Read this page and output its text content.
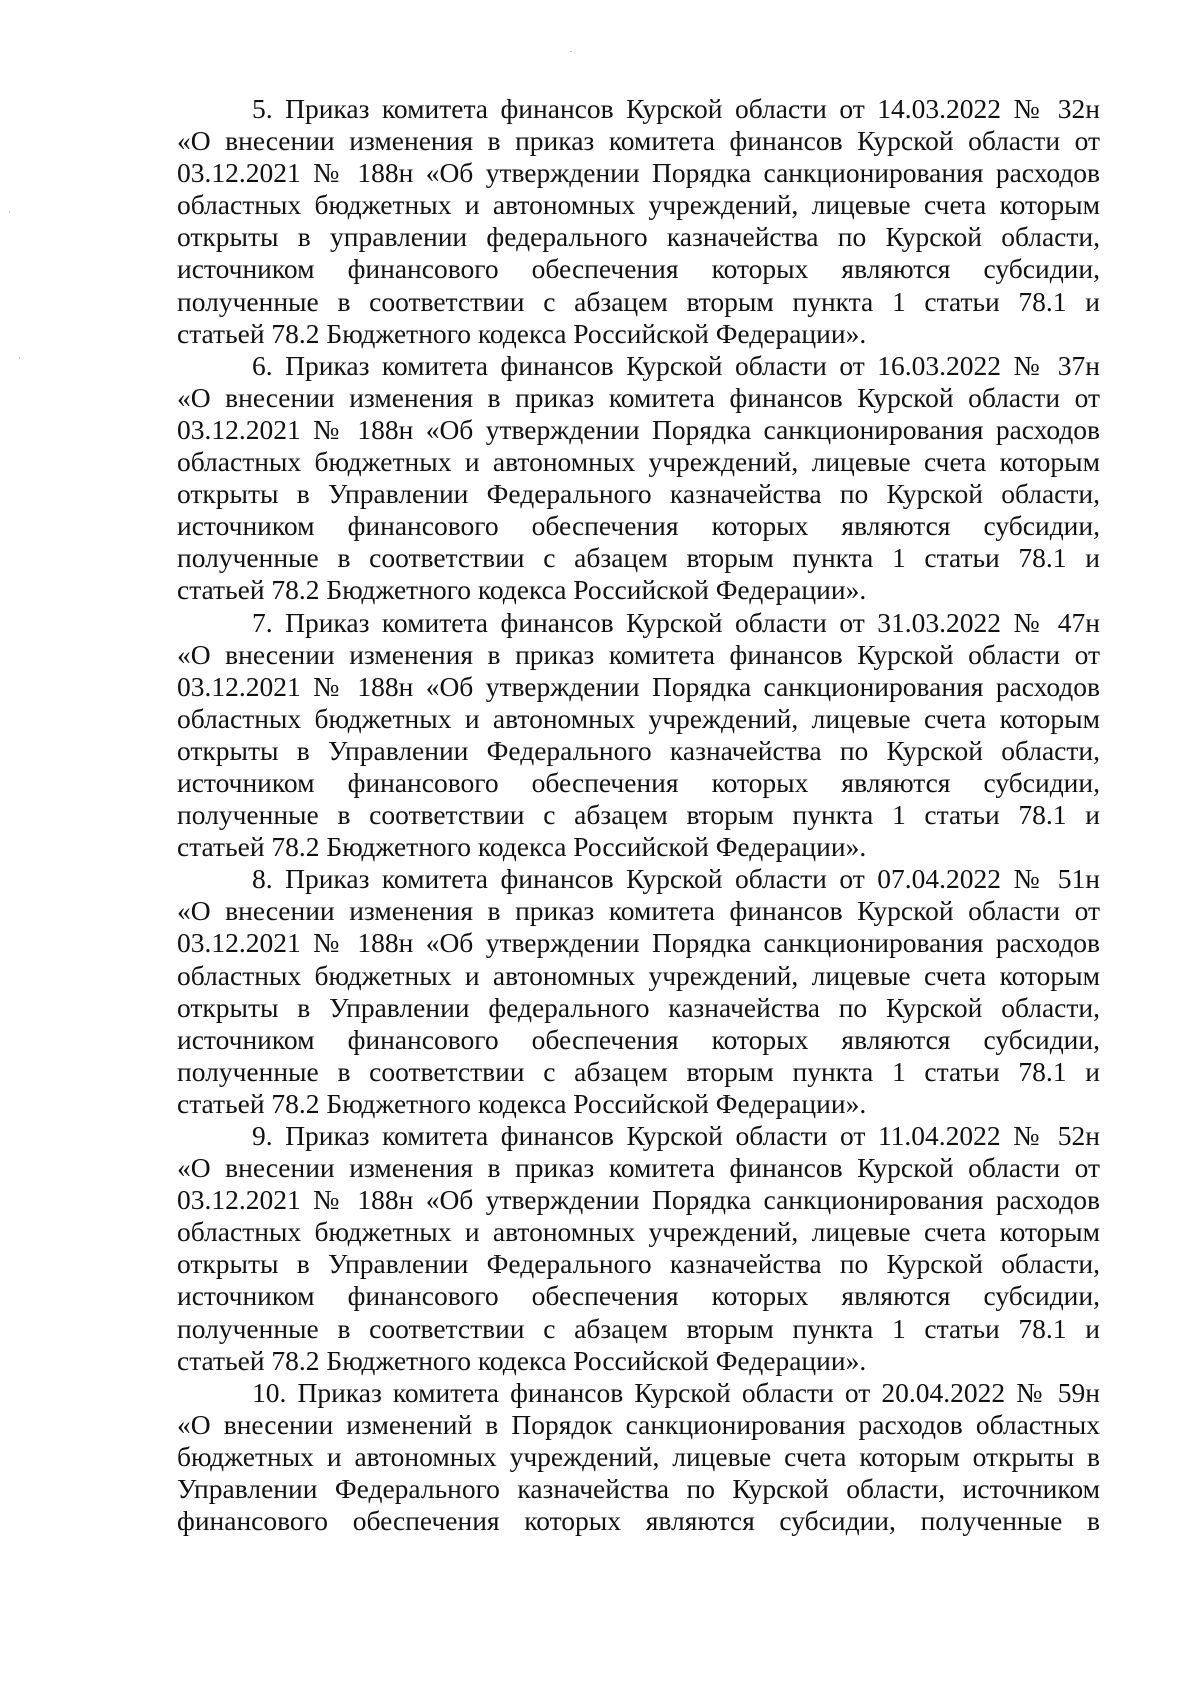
5. Приказ комитета финансов Курской области от 14.03.2022 № 32н
«О внесении изменения в приказ комитета финансов Курской области от
03.12.2021 № 188н «Об утверждении Порядка санкционирования расходов
областных бюджетных и автономных учреждений, лицевые счета которым
открыты в управлении федерального казначейства по Курской области,
источником финансового обеспечения которых являются субсидии,
полученные в соответствии с абзацем вторым пункта 1 статьи 78.1 и
статьей 78.2 Бюджетного кодекса Российской Федерации».
6. Приказ комитета финансов Курской области от 16.03.2022 № 37н
«О внесении изменения в приказ комитета финансов Курской области от
03.12.2021 № 188н «Об утверждении Порядка санкционирования расходов
областных бюджетных и автономных учреждений, лицевые счета которым
открыты в Управлении Федерального казначейства по Курской области,
источником финансового обеспечения которых являются субсидии,
полученные в соответствии с абзацем вторым пункта 1 статьи 78.1 и
статьей 78.2 Бюджетного кодекса Российской Федерации».
7. Приказ комитета финансов Курской области от 31.03.2022 № 47н
«О внесении изменения в приказ комитета финансов Курской области от
03.12.2021 № 188н «Об утверждении Порядка санкционирования расходов
областных бюджетных и автономных учреждений, лицевые счета которым
открыты в Управлении Федерального казначейства по Курской области,
источником финансового обеспечения которых являются субсидии,
полученные в соответствии с абзацем вторым пункта 1 статьи 78.1 и
статьей 78.2 Бюджетного кодекса Российской Федерации».
8. Приказ комитета финансов Курской области от 07.04.2022 № 51н
«О внесении изменения в приказ комитета финансов Курской области от
03.12.2021 № 188н «Об утверждении Порядка санкционирования расходов
областных бюджетных и автономных учреждений, лицевые счета которым
открыты в Управлении федерального казначейства по Курской области,
источником финансового обеспечения которых являются субсидии,
полученные в соответствии с абзацем вторым пункта 1 статьи 78.1 и
статьей 78.2 Бюджетного кодекса Российской Федерации».
9. Приказ комитета финансов Курской области от 11.04.2022 № 52н
«О внесении изменения в приказ комитета финансов Курской области от
03.12.2021 № 188н «Об утверждении Порядка санкционирования расходов
областных бюджетных и автономных учреждений, лицевые счета которым
открыты в Управлении Федерального казначейства по Курской области,
источником финансового обеспечения которых являются субсидии,
полученные в соответствии с абзацем вторым пункта 1 статьи 78.1 и
статьей 78.2 Бюджетного кодекса Российской Федерации».
10. Приказ комитета финансов Курской области от 20.04.2022 № 59н
«О внесении изменений в Порядок санкционирования расходов областных
бюджетных и автономных учреждений, лицевые счета которым открыты в
Управлении Федерального казначейства по Курской области, источником
финансового обеспечения которых являются субсидии, полученные в
